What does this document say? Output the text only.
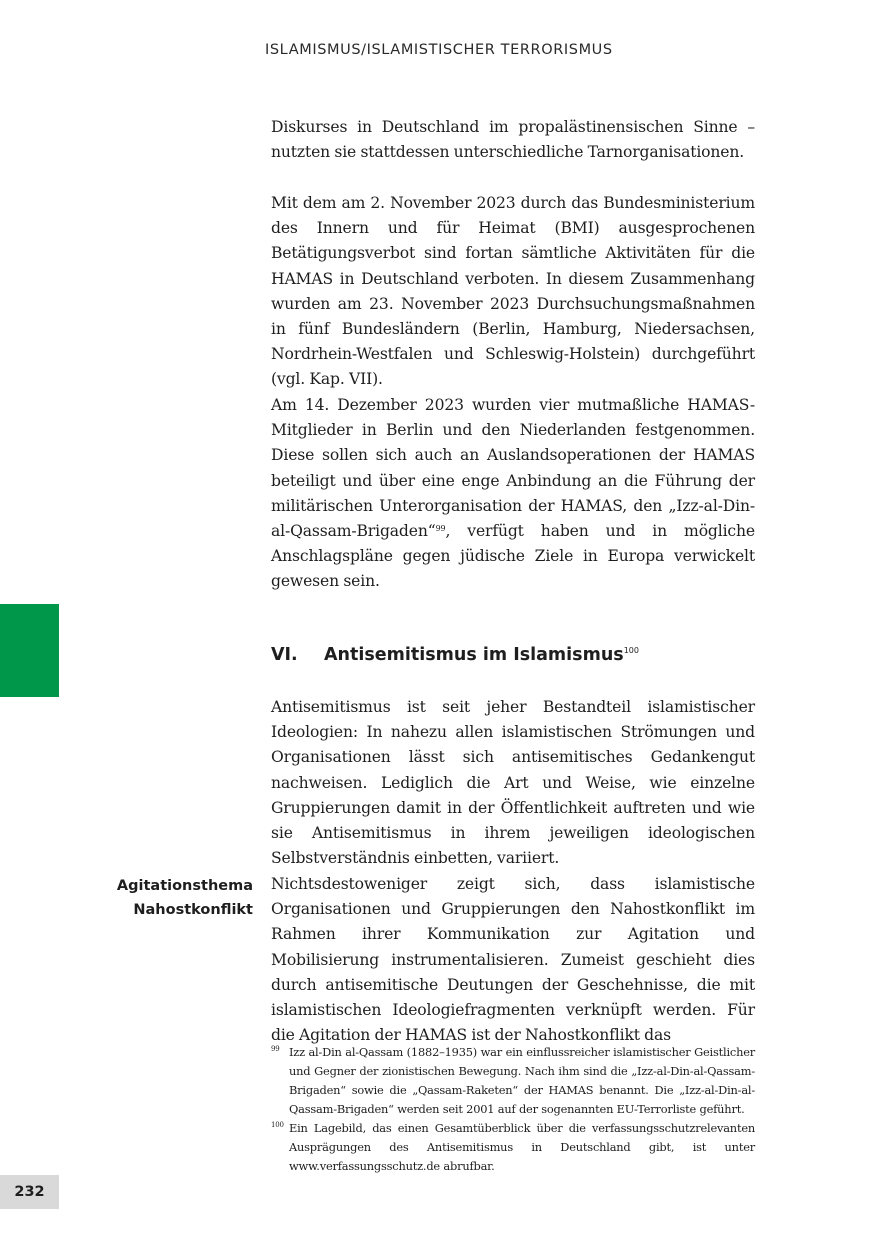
ISLAMISMUS/ISLAMISTISCHER TERRORISMUS

Diskurses in Deutschland im propalästinensischen Sinne – nutzten sie stattdessen unterschiedliche Tarnorganisationen.

Mit dem am 2. November 2023 durch das Bundesministerium des Innern und für Heimat (BMI) ausgesprochenen Betätigungsverbot sind fortan sämtliche Aktivitäten für die HAMAS in Deutschland verboten. In diesem Zusammenhang wurden am 23. November 2023 Durchsuchungsmaßnahmen in fünf Bundesländern (Berlin, Hamburg, Niedersachsen, Nordrhein-Westfalen und Schleswig-Holstein) durchgeführt (vgl. Kap. VII).

Am 14. Dezember 2023 wurden vier mutmaßliche HAMAS-Mitglieder in Berlin und den Niederlanden festgenommen. Diese sollen sich auch an Auslandsoperationen der HAMAS beteiligt und über eine enge Anbindung an die Führung der militärischen Unterorganisation der HAMAS, den „Izz-al-Din-al-Qassam-Brigaden“$^{99}$, verfügt haben und in mögliche Anschlagspläne gegen jüdische Ziele in Europa verwickelt gewesen sein.

VI. Antisemitismus im Islamismus$^{100}$

Antisemitismus ist seit jeher Bestandteil islamistischer Ideologien: In nahezu allen islamistischen Strömungen und Organisationen lässt sich antisemitisches Gedankengut nachweisen. Lediglich die Art und Weise, wie einzelne Gruppierungen damit in der Öffentlichkeit auftreten und wie sie Antisemitismus in ihrem jeweiligen ideologischen Selbstverständnis einbetten, variiert.

Agitationsthema
Nahostkonflikt

Nichtsdestoweniger zeigt sich, dass islamistische Organisationen und Gruppierungen den Nahostkonflikt im Rahmen ihrer Kommunikation zur Agitation und Mobilisierung instrumentalisieren. Zumeist geschieht dies durch antisemitische Deutungen der Geschehnisse, die mit islamistischen Ideologiefragmenten verknüpft werden. Für die Agitation der HAMAS ist der Nahostkonflikt das

99 Izz al-Din al-Qassam (1882–1935) war ein einflussreicher islamistischer Geistlicher und Gegner der zionistischen Bewegung. Nach ihm sind die „Izz-al-Din-al-Qassam-Brigaden“ sowie die „Qassam-Raketen“ der HAMAS benannt. Die „Izz-al-Din-al-Qassam-Brigaden“ werden seit 2001 auf der sogenannten EU-Terrorliste geführt.
100 Ein Lagebild, das einen Gesamtüberblick über die verfassungsschutzrelevanten Ausprägungen des Antisemitismus in Deutschland gibt, ist unter www.verfassungsschutz.de abrufbar.
232
